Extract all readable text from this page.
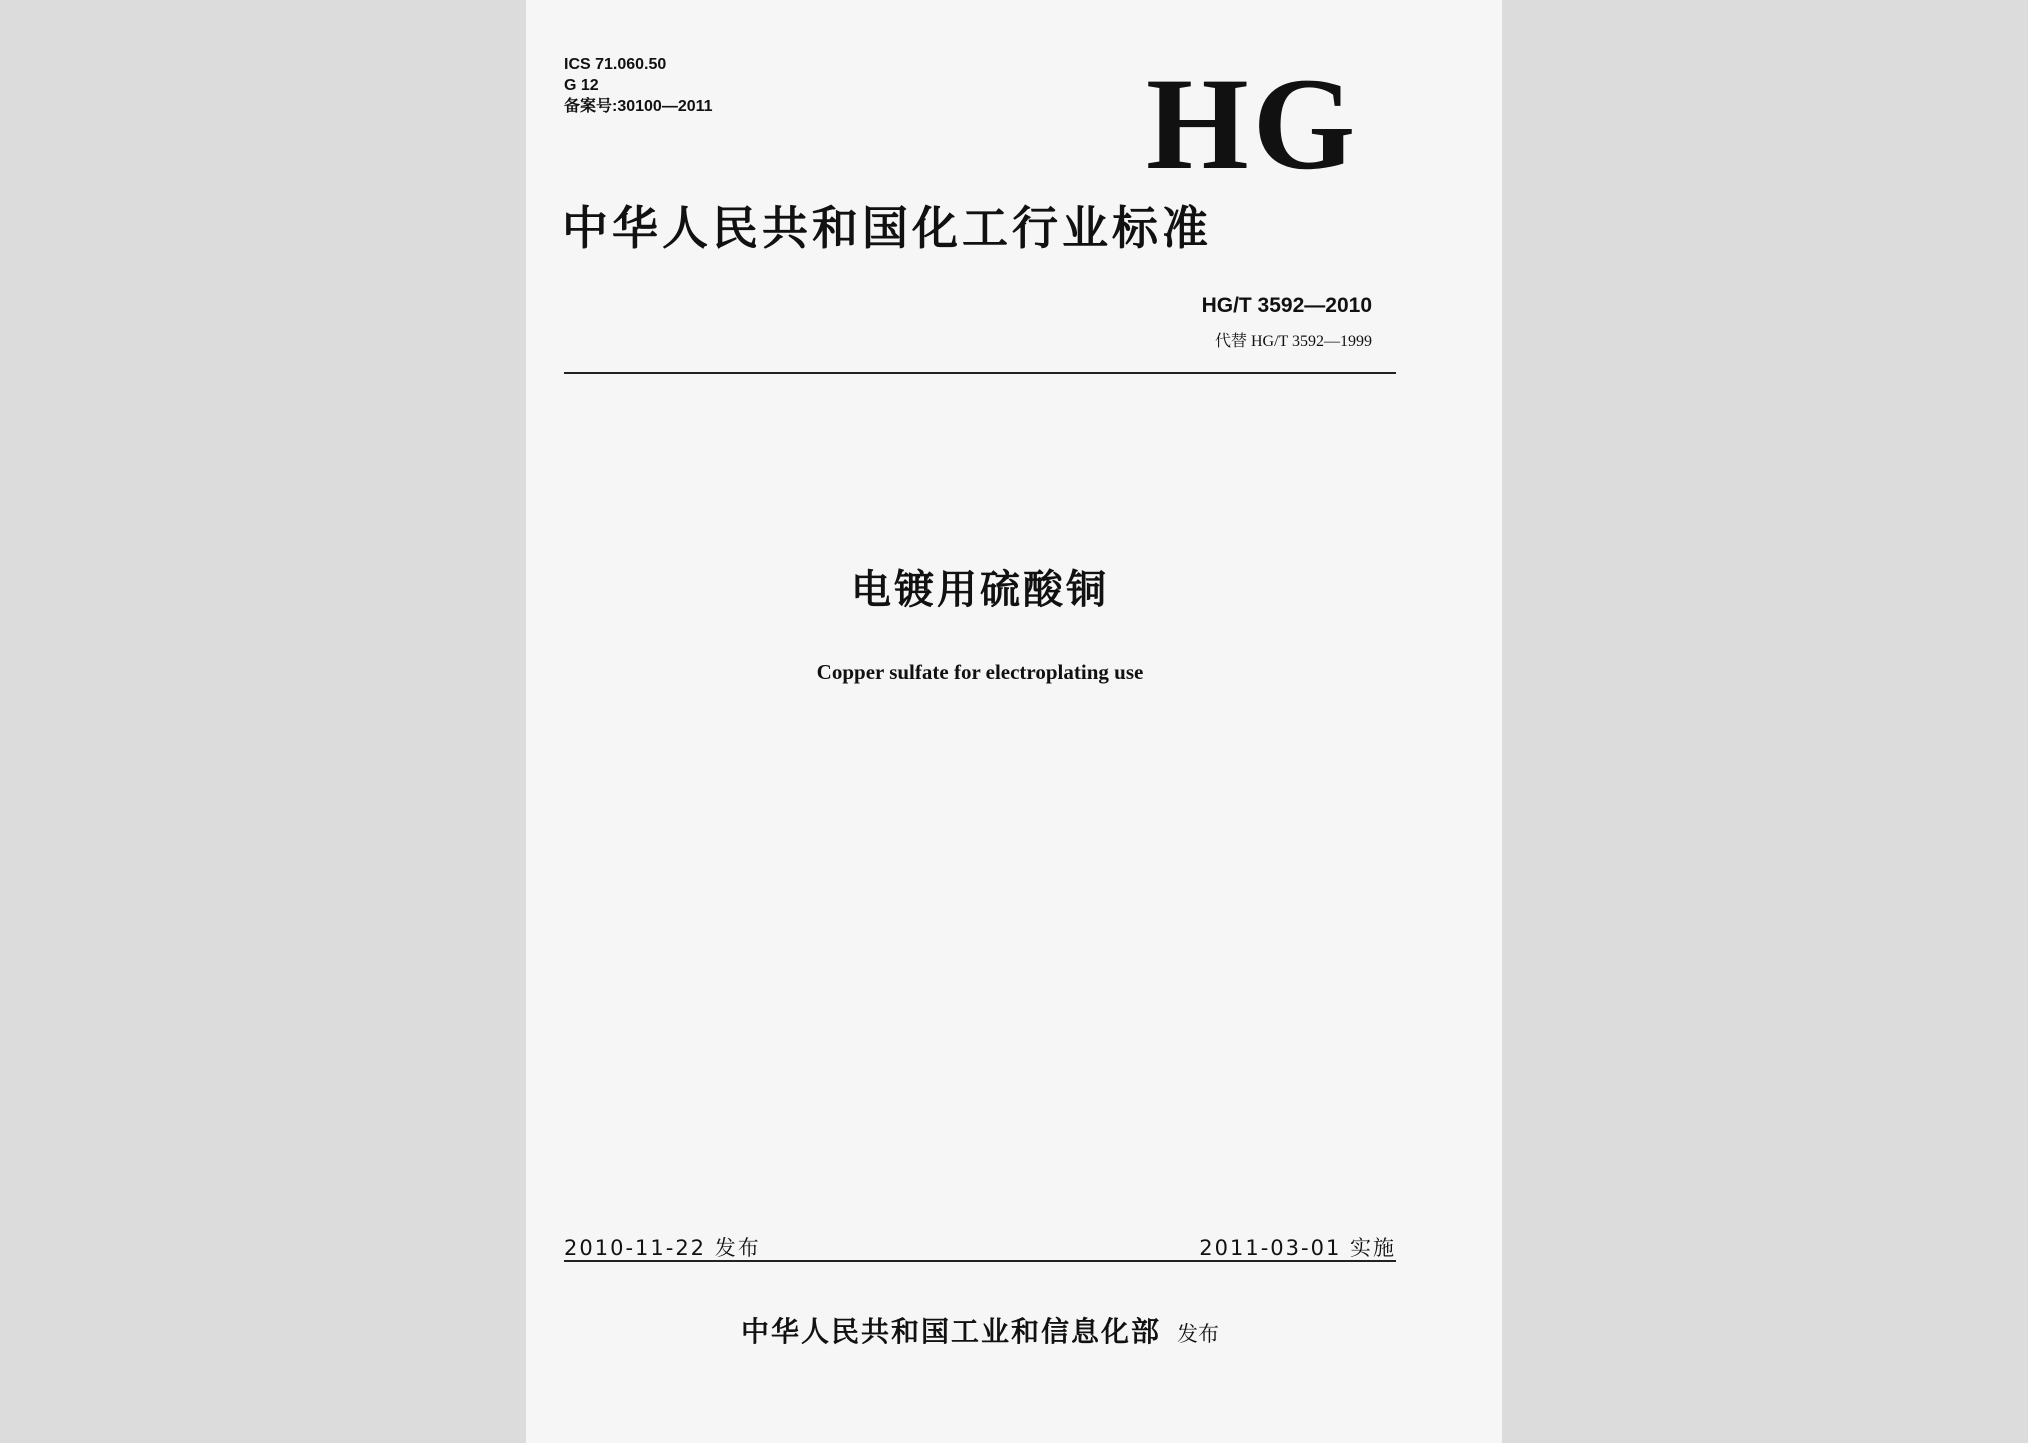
ICS 71.060.50
G 12
备案号:30100—2011	HG
中华人民共和国化工行业标准
HG/T 3592—2010
代替 HG/T 3592—1999
电镀用硫酸铜
Copper sulfate for electroplating use
2010-11-22 发布	2011-03-01 实施
中华人民共和国工业和信息化部 发布
